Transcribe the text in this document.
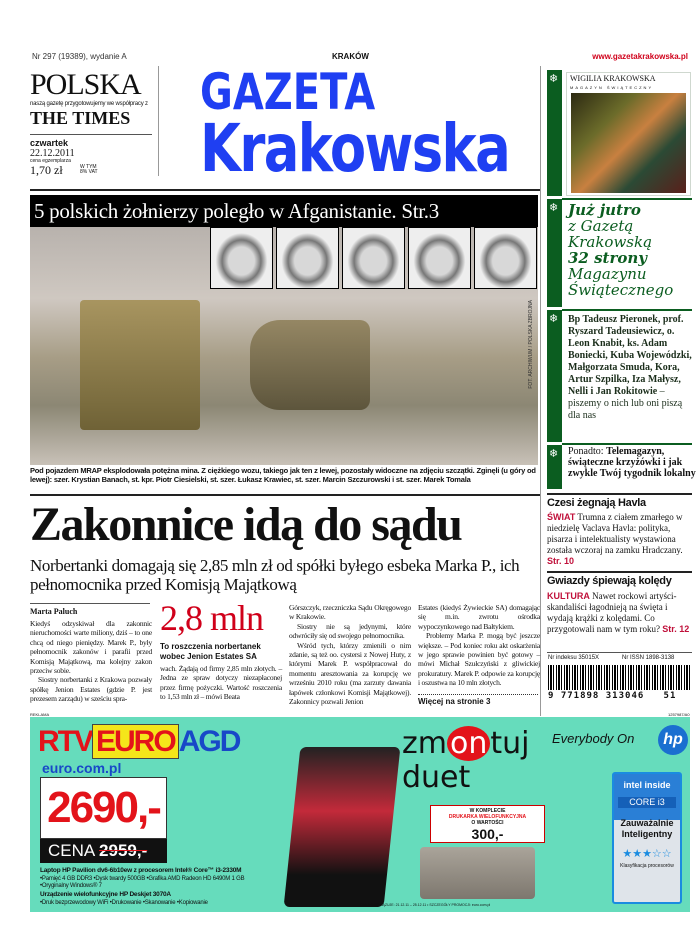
Nr 297 (19389), wydanie A	KRAKÓW	www.gazetakrakowska.pl
POLSKA
naszą gazetę przygotowujemy we współpracy z
THE TIMES
czwartek
22.12.2011
cena egzemplarza
1,70 zł	W TYM 8% VAT
GAZETA
Krakowska
❄
❄
❄
❄
WIGILIA KRAKOWSKA
MAGAZYN ŚWIĄTECZNY
Już jutro
z Gazetą
Krakowską
32 strony
Magazynu
Świątecznego
Bp Tadeusz Pieronek, prof. Ryszard Tadeusiewicz, o. Leon Knabit, ks. Adam Boniecki, Kuba Wojewódzki, Małgorzata Smuda, Kora, Artur Szpilka, Iza Małysz, Nelli i Jan Rokitowie – piszemy o nich lub oni piszą dla nas
Ponadto: Telemagazyn, świąteczne krzyżówki i jak zwykle Twój tygodnik lokalny
Czesi żegnają Havla
ŚWIAT Trumna z ciałem zmarłego w niedzielę Vaclava Havla: polityka, pisarza i intelektualisty wystawiona została wczoraj na zamku Hradczany. Str. 10
Gwiazdy śpiewają kolędy
KULTURA Nawet rockowi artyści-skandaliści łagodnieją na święta i wydają krążki z kolędami. Co przygotowali nam w tym roku? Str. 12
Nr indeksu 35015X	Nr ISSN 1898-3138
9 771898 313046   51
5 polskich żołnierzy poległo w Afganistanie. Str.3
FOT. ARCHIWUM / POLSKA ZBROJNA
Pod pojazdem MRAP eksplodowała potężna mina. Z ciężkiego wozu, takiego jak ten z lewej, pozostały widoczne na zdjęciu szczątki. Zginęli (u góry od lewej): szer. Krystian Banach, st. kpr. Piotr Ciesielski, st. szer. Łukasz Krawiec, st. szer. Marcin Szczurowski i st. szer. Marek Tomala
Zakonnice idą do sądu
Norbertanki domagają się 2,85 mln zł od spółki byłego esbeka Marka P., ich pełnomocnika przed Komisją Majątkową
Marta Paluch
Kiedyś odzyskiwał dla zakonnic nieruchomości warte miliony, dziś – to one chcą od niego pieniędzy. Marek P., były pełnomocnik zakonów i parafii przed Komisją Majątkową, ma kolejny zakon przeciw sobie.
Siostry norbertanki z Krakowa pozwały spółkę Jenion Estates (gdzie P. jest prezesem zarządu) w sześciu spra-
2,8 mln
To roszczenia norbertanek wobec Jenion Estates SA
wach. Żądają od firmy 2,85 mln złotych. – Jedna ze spraw dotyczy niezapłaconej przez firmę pożyczki. Wartość roszczenia to 1,53 mln zł – mówi Beata
Górszczyk, rzeczniczka Sądu Okręgowego w Krakowie.
Siostry nie są jedynymi, które odwróciły się od swojego pełnomocnika.
Wśród tych, którzy zmienili o nim zdanie, są też oo. cystersi z Nowej Huty, z którymi Marek P. współpracował do momentu aresztowania za korupcję we wrześniu 2010 roku (ma zarzuty dawania łapówek członkowi Komisji Majątkowej). Zakonnicy pozwali Jenion
Estates (kiedyś Żywieckie SA) domagając się m.in. zwrotu ośrodka wypoczynkowego nad Bałtykiem.
Problemy Marka P. mogą być jeszcze większe. – Pod koniec roku akt oskarżenia w jego sprawie powinien być gotowy – mówi Michał Szułczyński z gliwickiej prokuratury. Marek P. odpowie za korupcję i oszustwa na 10 mln złotych.
Więcej na stronie 3
REKLAMA	1257987/A0
RTV EURO AGD
euro.com.pl
2690,-
CENA 2959,-
Laptop HP Pavilion dv6-6b10ew z procesorem Intel® Core™ i3-2330M
•Pamięć 4 GB DDR3 •Dysk twardy 500GB •Grafika AMD Radeon HD 6490M 1 GB
•Oryginalny Windows® 7
Urządzenie wielofunkcyjne HP Deskjet 3070A
•Druk bezprzewodowy WiFi •Drukowanie •Skanowanie •Kopiowanie
zm on tuj
duet
W KOMPLECIE
DRUKARKA WIELOFUNKCYJNA
O WARTOŚCI
300,-
Everybody On	hp
intel inside
CORE i3
Zauważalnie Inteligentny
★★★☆☆
Klasyfikacja procesorów
CENA OBOWIĄZUJE: 21.12.11 – 25.12.11 • SZCZEGÓŁY PROMOCJI: euro.com.pl
